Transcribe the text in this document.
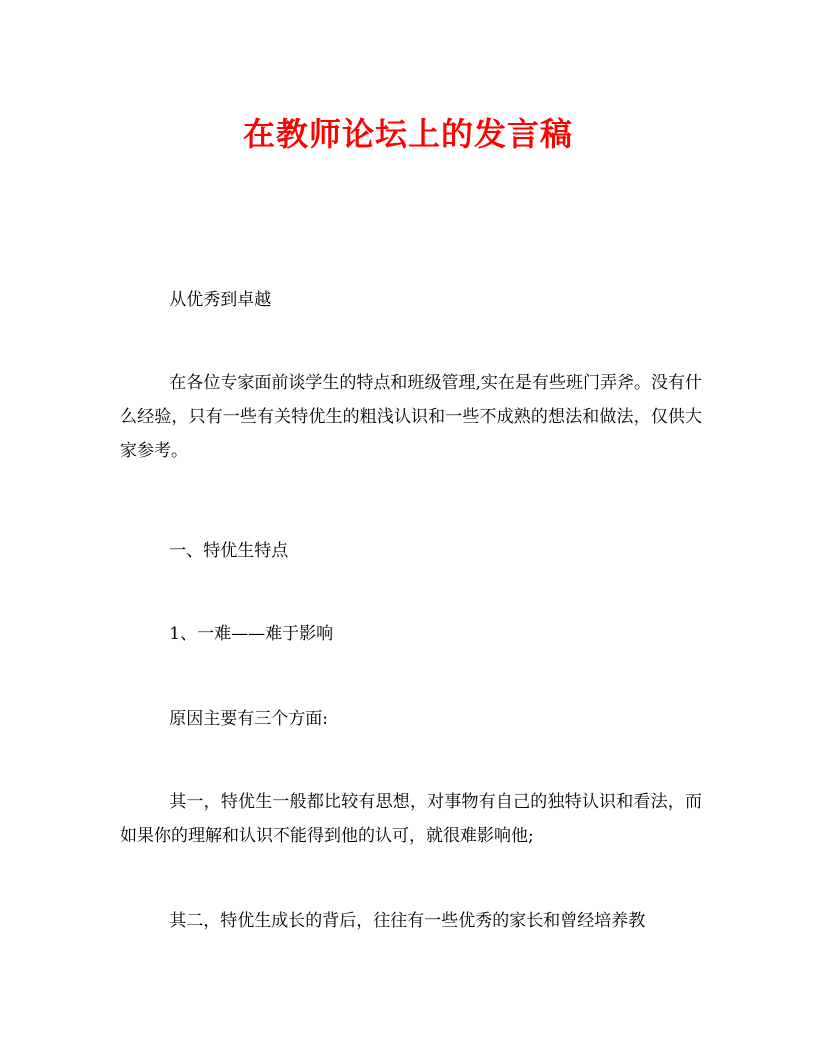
在教师论坛上的发言稿

从优秀到卓越

在各位专家面前谈学生的特点和班级管理,实在是有些班门弄斧。没有什么经验，只有一些有关特优生的粗浅认识和一些不成熟的想法和做法，仅供大家参考。

一、特优生特点

1、一难——难于影响

原因主要有三个方面:

其一，特优生一般都比较有思想，对事物有自己的独特认识和看法，而如果你的理解和认识不能得到他的认可，就很难影响他;

其二，特优生成长的背后，往往有一些优秀的家长和曾经培养教
